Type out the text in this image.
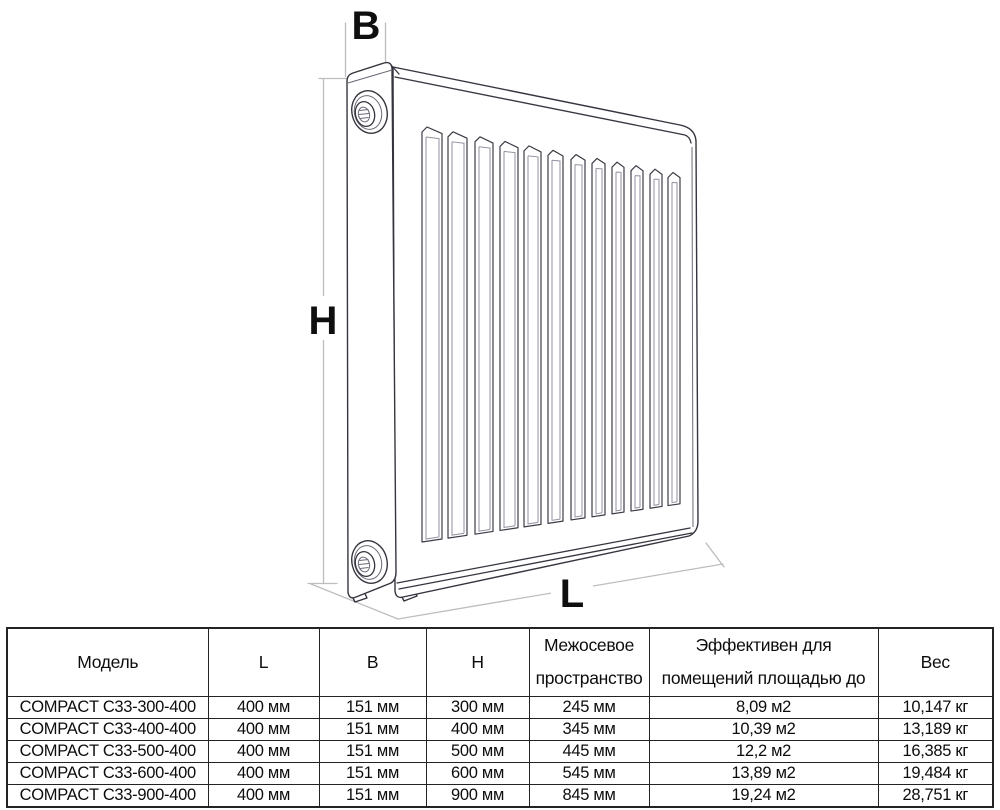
B
H
L
Модель	L	B	H	Межосевое пространство	Эффективен для помещений площадью до	Вес
COMPACT C33-300-400	400 мм	151 мм	300 мм	245 мм	8,09 м2	10,147 кг
COMPACT C33-400-400	400 мм	151 мм	400 мм	345 мм	10,39 м2	13,189 кг
COMPACT C33-500-400	400 мм	151 мм	500 мм	445 мм	12,2 м2	16,385 кг
COMPACT C33-600-400	400 мм	151 мм	600 мм	545 мм	13,89 м2	19,484 кг
COMPACT C33-900-400	400 мм	151 мм	900 мм	845 мм	19,24 м2	28,751 кг
